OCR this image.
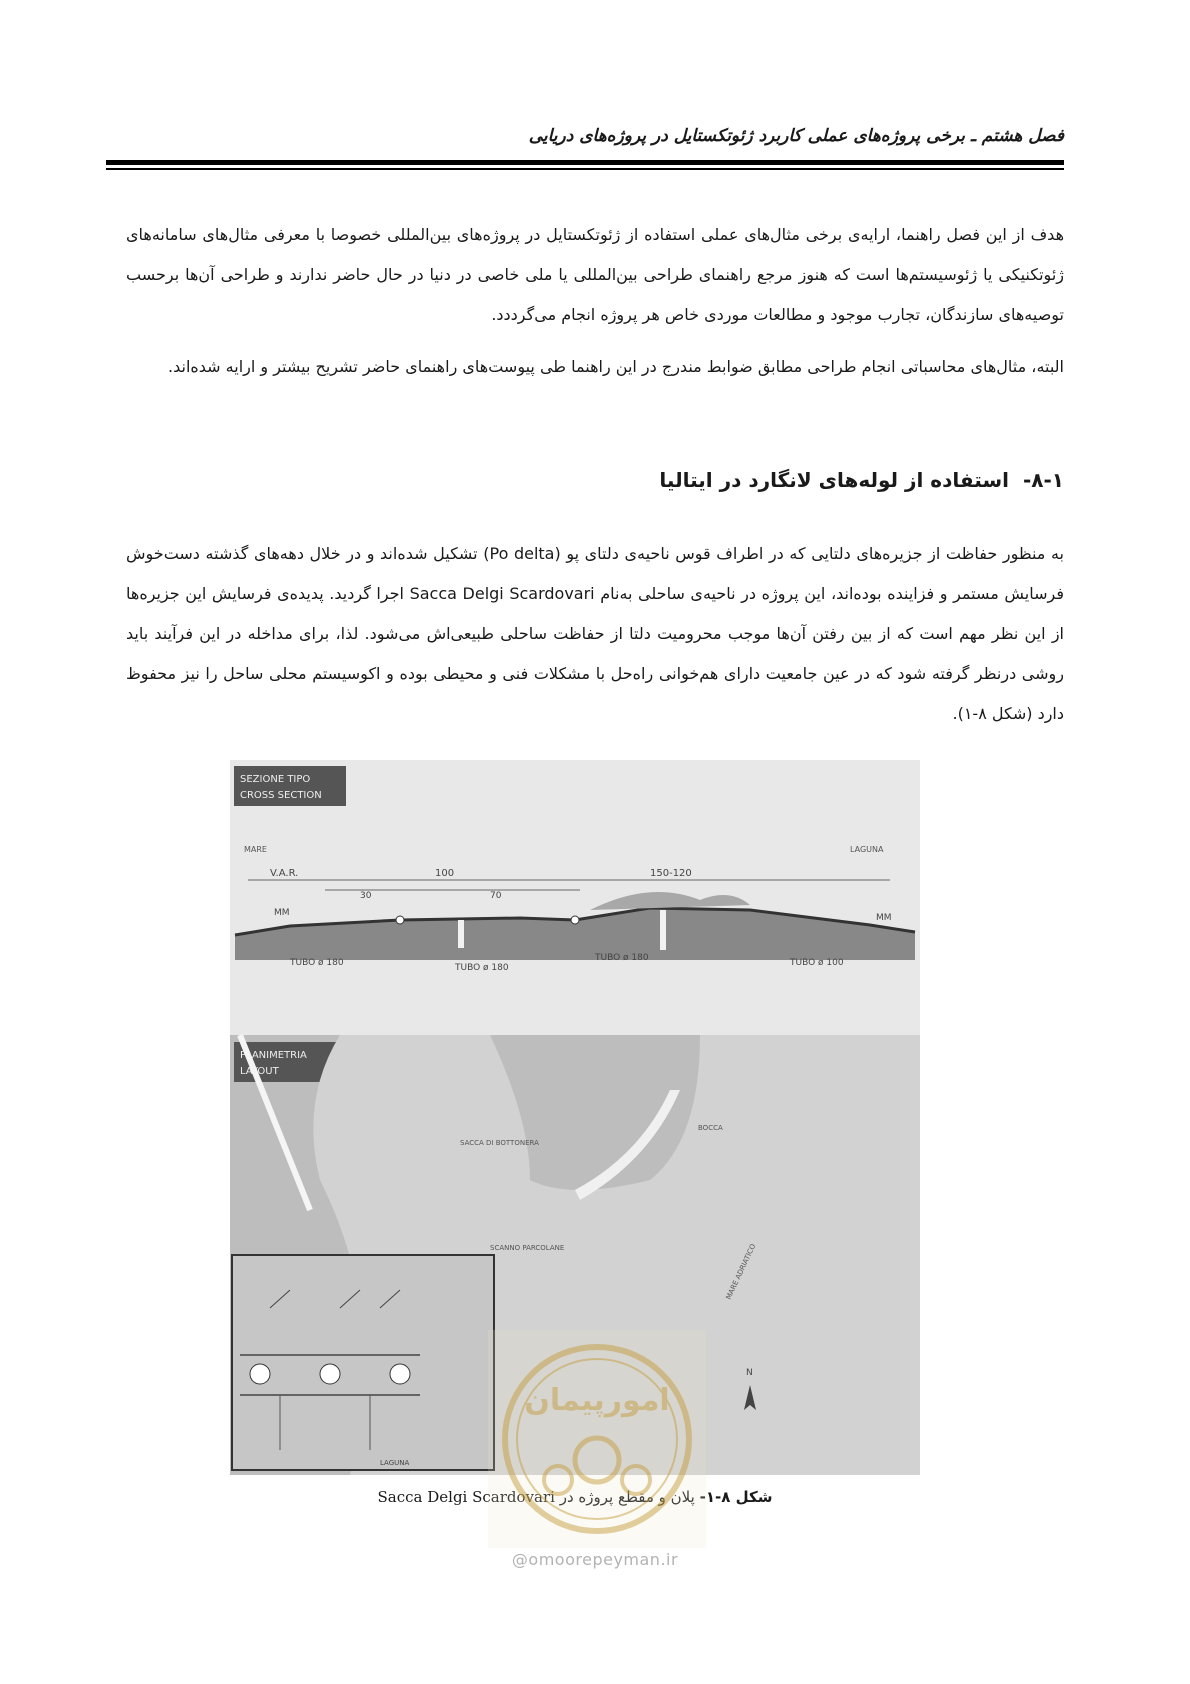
فصل هشتم ـ برخی پروژه‌های عملی کاربرد ژئوتکستایل در پروژه‌های دریایی

هدف از این فصل راهنما، ارایه‌ی برخی مثال‌های عملی استفاده از ژئوتکستایل در پروژه‌های بین‌المللی خصوصا با معرفی مثال‌های سامانه‌های ژئوتکنیکی یا ژئوسیستم‌ها است که هنوز مرجع راهنمای طراحی بین‌المللی یا ملی خاصی در دنیا در حال حاضر ندارند و طراحی آن‌ها برحسب توصیه‌های سازندگان، تجارب موجود و مطالعات موردی خاص هر پروژه انجام می‌گرددد.

البته، مثال‌های محاسباتی انجام طراحی مطابق ضوابط مندرج در این راهنما طی پیوست‌های راهنمای حاضر تشریح بیشتر و ارایه شده‌اند.

۸-۱-استفاده از لوله‌های لانگارد در ایتالیا

به منظور حفاظت از جزیره‌های دلتایی که در اطراف قوس ناحیه‌ی دلتای پو (Po delta) تشکیل شده‌اند و در خلال دهه‌های گذشته دست‌خوش فرسایش مستمر و فزاینده بوده‌اند، این پروژه در ناحیه‌ی ساحلی به‌نام Sacca Delgi Scardovari اجرا گردید. پدیده‌ی فرسایش این جزیره‌ها از این نظر مهم است که از بین رفتن آن‌ها موجب محرومیت دلتا از حفاظت ساحلی طبیعی‌اش می‌شود. لذا، برای مداخله در این فرآیند باید روشی درنظر گرفته شود که در عین جامعیت دارای هم‌خوانی راه‌حل با مشکلات فنی و محیطی بوده و اکوسیستم محلی ساحل را نیز محفوظ دارد (شکل ۸-۱).

SEZIONE TIPO
CROSS SECTION
MARE	LAGUNA
V.A.R.	100
30	70
150-120
MM	MM
TUBO ø 180	TUBO ø 180
TUBO ø 180	TUBO ø 100
PLANIMETRIA
LAYOUT
SACCA DI BOTTONERA
BOCCA
SCANNO PARCOLANE	MARE ADRIATICO
N
LAGUNA
شکل ۸-۱- پلان و مقطع پروژه در Sacca Delgi Scardovari
امورپیمان
@omoorepeyman.ir
